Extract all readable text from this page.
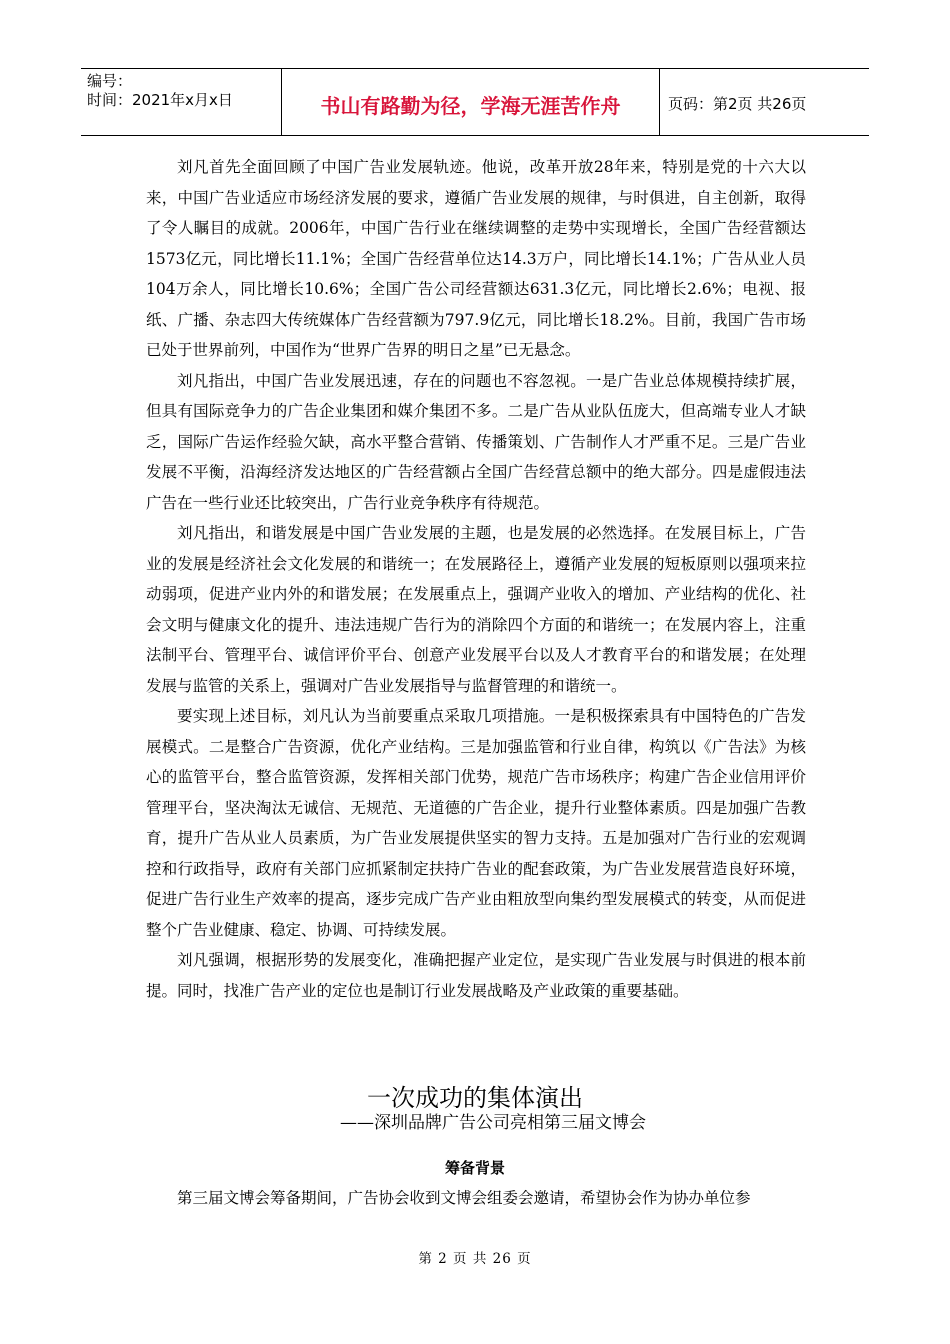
编号：
时间：2021年x月x日	书山有路勤为径，学海无涯苦作舟	页码：第2页 共26页

刘凡首先全面回顾了中国广告业发展轨迹。他说，改革开放28年来，特别是党的十六大以来，中国广告业适应市场经济发展的要求，遵循广告业发展的规律，与时俱进，自主创新，取得了令人瞩目的成就。2006年，中国广告行业在继续调整的走势中实现增长，全国广告经营额达1573亿元，同比增长11.1%；全国广告经营单位达14.3万户，同比增长14.1%；广告从业人员104万余人，同比增长10.6%；全国广告公司经营额达631.3亿元，同比增长2.6%；电视、报纸、广播、杂志四大传统媒体广告经营额为797.9亿元，同比增长18.2%。目前，我国广告市场已处于世界前列，中国作为“世界广告界的明日之星”已无悬念。

刘凡指出，中国广告业发展迅速，存在的问题也不容忽视。一是广告业总体规模持续扩展，但具有国际竞争力的广告企业集团和媒介集团不多。二是广告从业队伍庞大，但高端专业人才缺乏，国际广告运作经验欠缺，高水平整合营销、传播策划、广告制作人才严重不足。三是广告业发展不平衡，沿海经济发达地区的广告经营额占全国广告经营总额中的绝大部分。四是虚假违法广告在一些行业还比较突出，广告行业竞争秩序有待规范。

刘凡指出，和谐发展是中国广告业发展的主题，也是发展的必然选择。在发展目标上，广告业的发展是经济社会文化发展的和谐统一；在发展路径上，遵循产业发展的短板原则以强项来拉动弱项，促进产业内外的和谐发展；在发展重点上，强调产业收入的增加、产业结构的优化、社会文明与健康文化的提升、违法违规广告行为的消除四个方面的和谐统一；在发展内容上，注重法制平台、管理平台、诚信评价平台、创意产业发展平台以及人才教育平台的和谐发展；在处理发展与监管的关系上，强调对广告业发展指导与监督管理的和谐统一。

要实现上述目标，刘凡认为当前要重点采取几项措施。一是积极探索具有中国特色的广告发展模式。二是整合广告资源，优化产业结构。三是加强监管和行业自律，构筑以《广告法》为核心的监管平台，整合监管资源，发挥相关部门优势，规范广告市场秩序；构建广告企业信用评价管理平台，坚决淘汰无诚信、无规范、无道德的广告企业，提升行业整体素质。四是加强广告教育，提升广告从业人员素质，为广告业发展提供坚实的智力支持。五是加强对广告行业的宏观调控和行政指导，政府有关部门应抓紧制定扶持广告业的配套政策，为广告业发展营造良好环境，促进广告行业生产效率的提高，逐步完成广告产业由粗放型向集约型发展模式的转变，从而促进整个广告业健康、稳定、协调、可持续发展。

刘凡强调，根据形势的发展变化，准确把握产业定位，是实现广告业发展与时俱进的根本前提。同时，找准广告产业的定位也是制订行业发展战略及产业政策的重要基础。

一次成功的集体演出
——深圳品牌广告公司亮相第三届文博会
筹备背景

第三届文博会筹备期间，广告协会收到文博会组委会邀请，希望协会作为协办单位参

第 2 页 共 26 页
